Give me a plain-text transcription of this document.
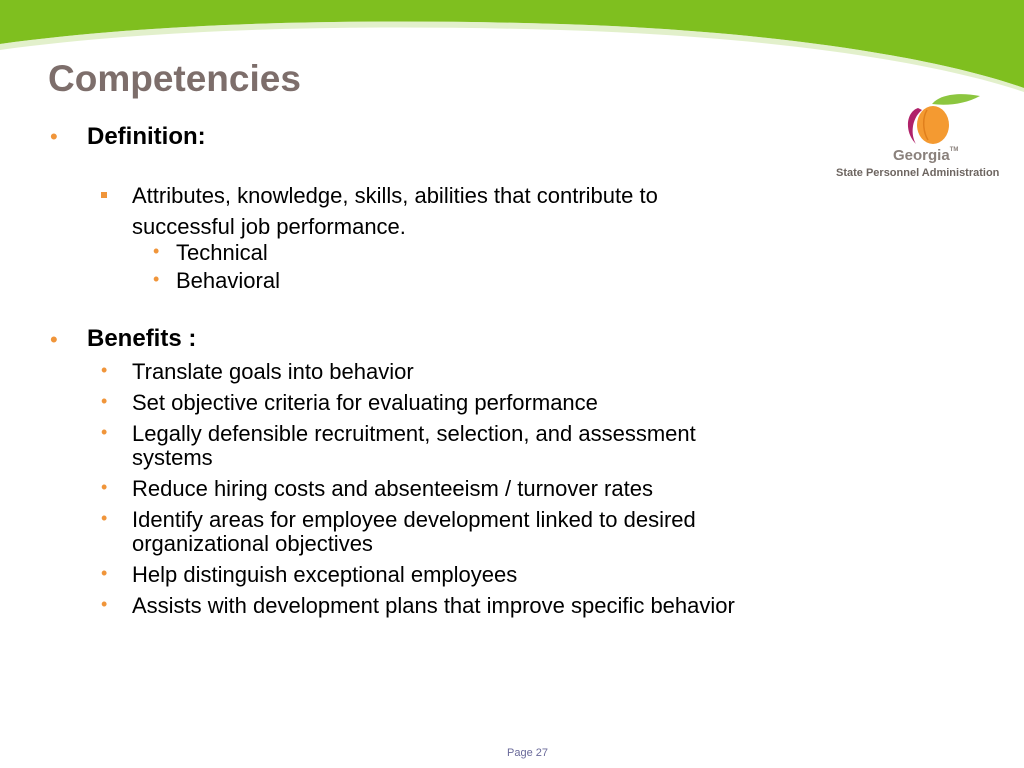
Competencies
Georgia™
State Personnel Administration
• Definition:
Attributes, knowledge, skills, abilities that contribute to
successful job performance.
• Technical
• Behavioral
• Benefits :
• Translate goals into behavior
• Set objective criteria for evaluating performance
• Legally defensible recruitment, selection, and assessment
systems
• Reduce hiring costs and absenteeism / turnover rates
• Identify areas for employee development linked to desired
organizational objectives
• Help distinguish exceptional employees
• Assists with development plans that improve specific behavior
Page 27
